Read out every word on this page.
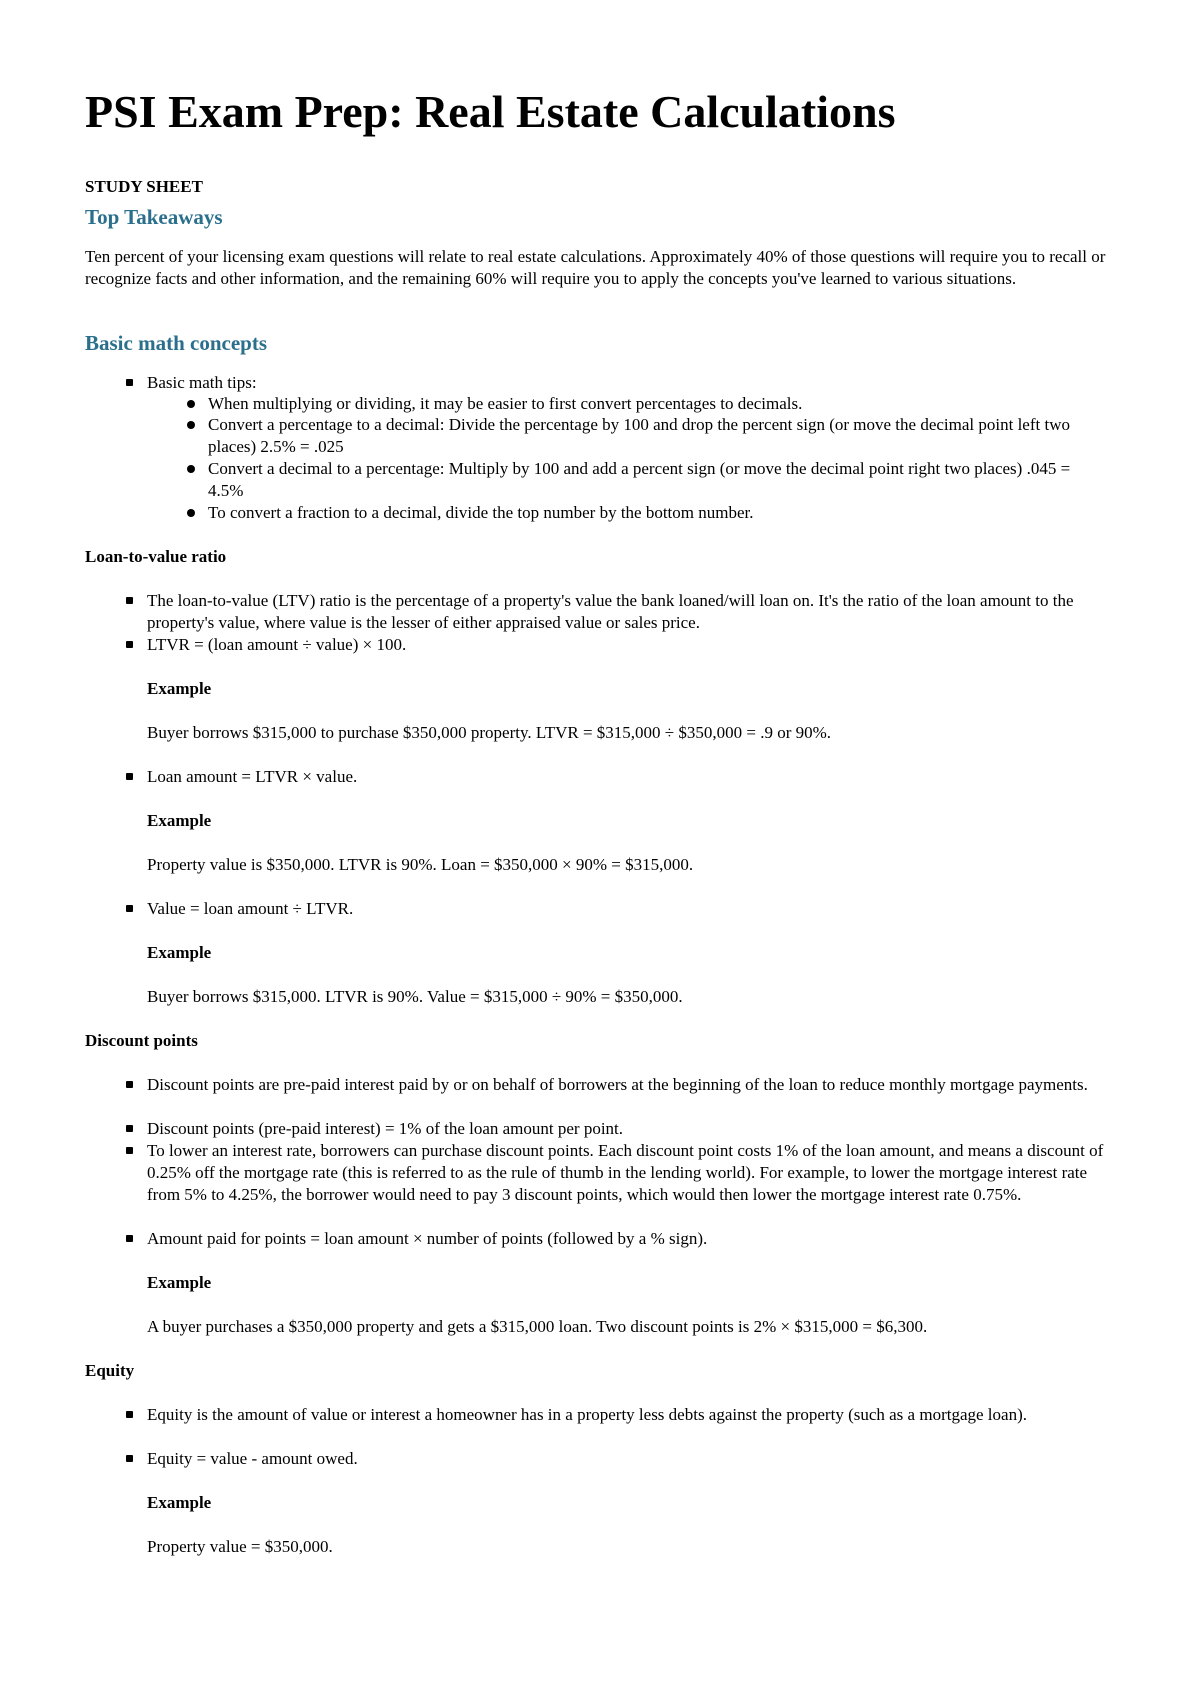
PSI Exam Prep: Real Estate Calculations
STUDY SHEET
Top Takeaways
Ten percent of your licensing exam questions will relate to real estate calculations. Approximately 40% of those questions will require you to recall or recognize facts and other information, and the remaining 60% will require you to apply the concepts you've learned to various situations.
Basic math concepts
Basic math tips:
When multiplying or dividing, it may be easier to first convert percentages to decimals.
Convert a percentage to a decimal: Divide the percentage by 100 and drop the percent sign (or move the decimal point left two places) 2.5% = .025
Convert a decimal to a percentage: Multiply by 100 and add a percent sign (or move the decimal point right two places) .045 = 4.5%
To convert a fraction to a decimal, divide the top number by the bottom number.
Loan-to-value ratio
The loan-to-value (LTV) ratio is the percentage of a property's value the bank loaned/will loan on. It's the ratio of the loan amount to the property's value, where value is the lesser of either appraised value or sales price.
LTVR = (loan amount ÷ value) × 100.
Example
Buyer borrows $315,000 to purchase $350,000 property. LTVR = $315,000 ÷ $350,000 = .9 or 90%.
Loan amount = LTVR × value.
Example
Property value is $350,000. LTVR is 90%. Loan = $350,000 × 90% = $315,000.
Value = loan amount ÷ LTVR.
Example
Buyer borrows $315,000. LTVR is 90%. Value = $315,000 ÷ 90% = $350,000.
Discount points
Discount points are pre-paid interest paid by or on behalf of borrowers at the beginning of the loan to reduce monthly mortgage payments.
Discount points (pre-paid interest) = 1% of the loan amount per point.
To lower an interest rate, borrowers can purchase discount points. Each discount point costs 1% of the loan amount, and means a discount of 0.25% off the mortgage rate (this is referred to as the rule of thumb in the lending world). For example, to lower the mortgage interest rate from 5% to 4.25%, the borrower would need to pay 3 discount points, which would then lower the mortgage interest rate 0.75%.
Amount paid for points = loan amount × number of points (followed by a % sign).
Example
A buyer purchases a $350,000 property and gets a $315,000 loan. Two discount points is 2% × $315,000 = $6,300.
Equity
Equity is the amount of value or interest a homeowner has in a property less debts against the property (such as a mortgage loan).
Equity = value - amount owed.
Example
Property value = $350,000.
